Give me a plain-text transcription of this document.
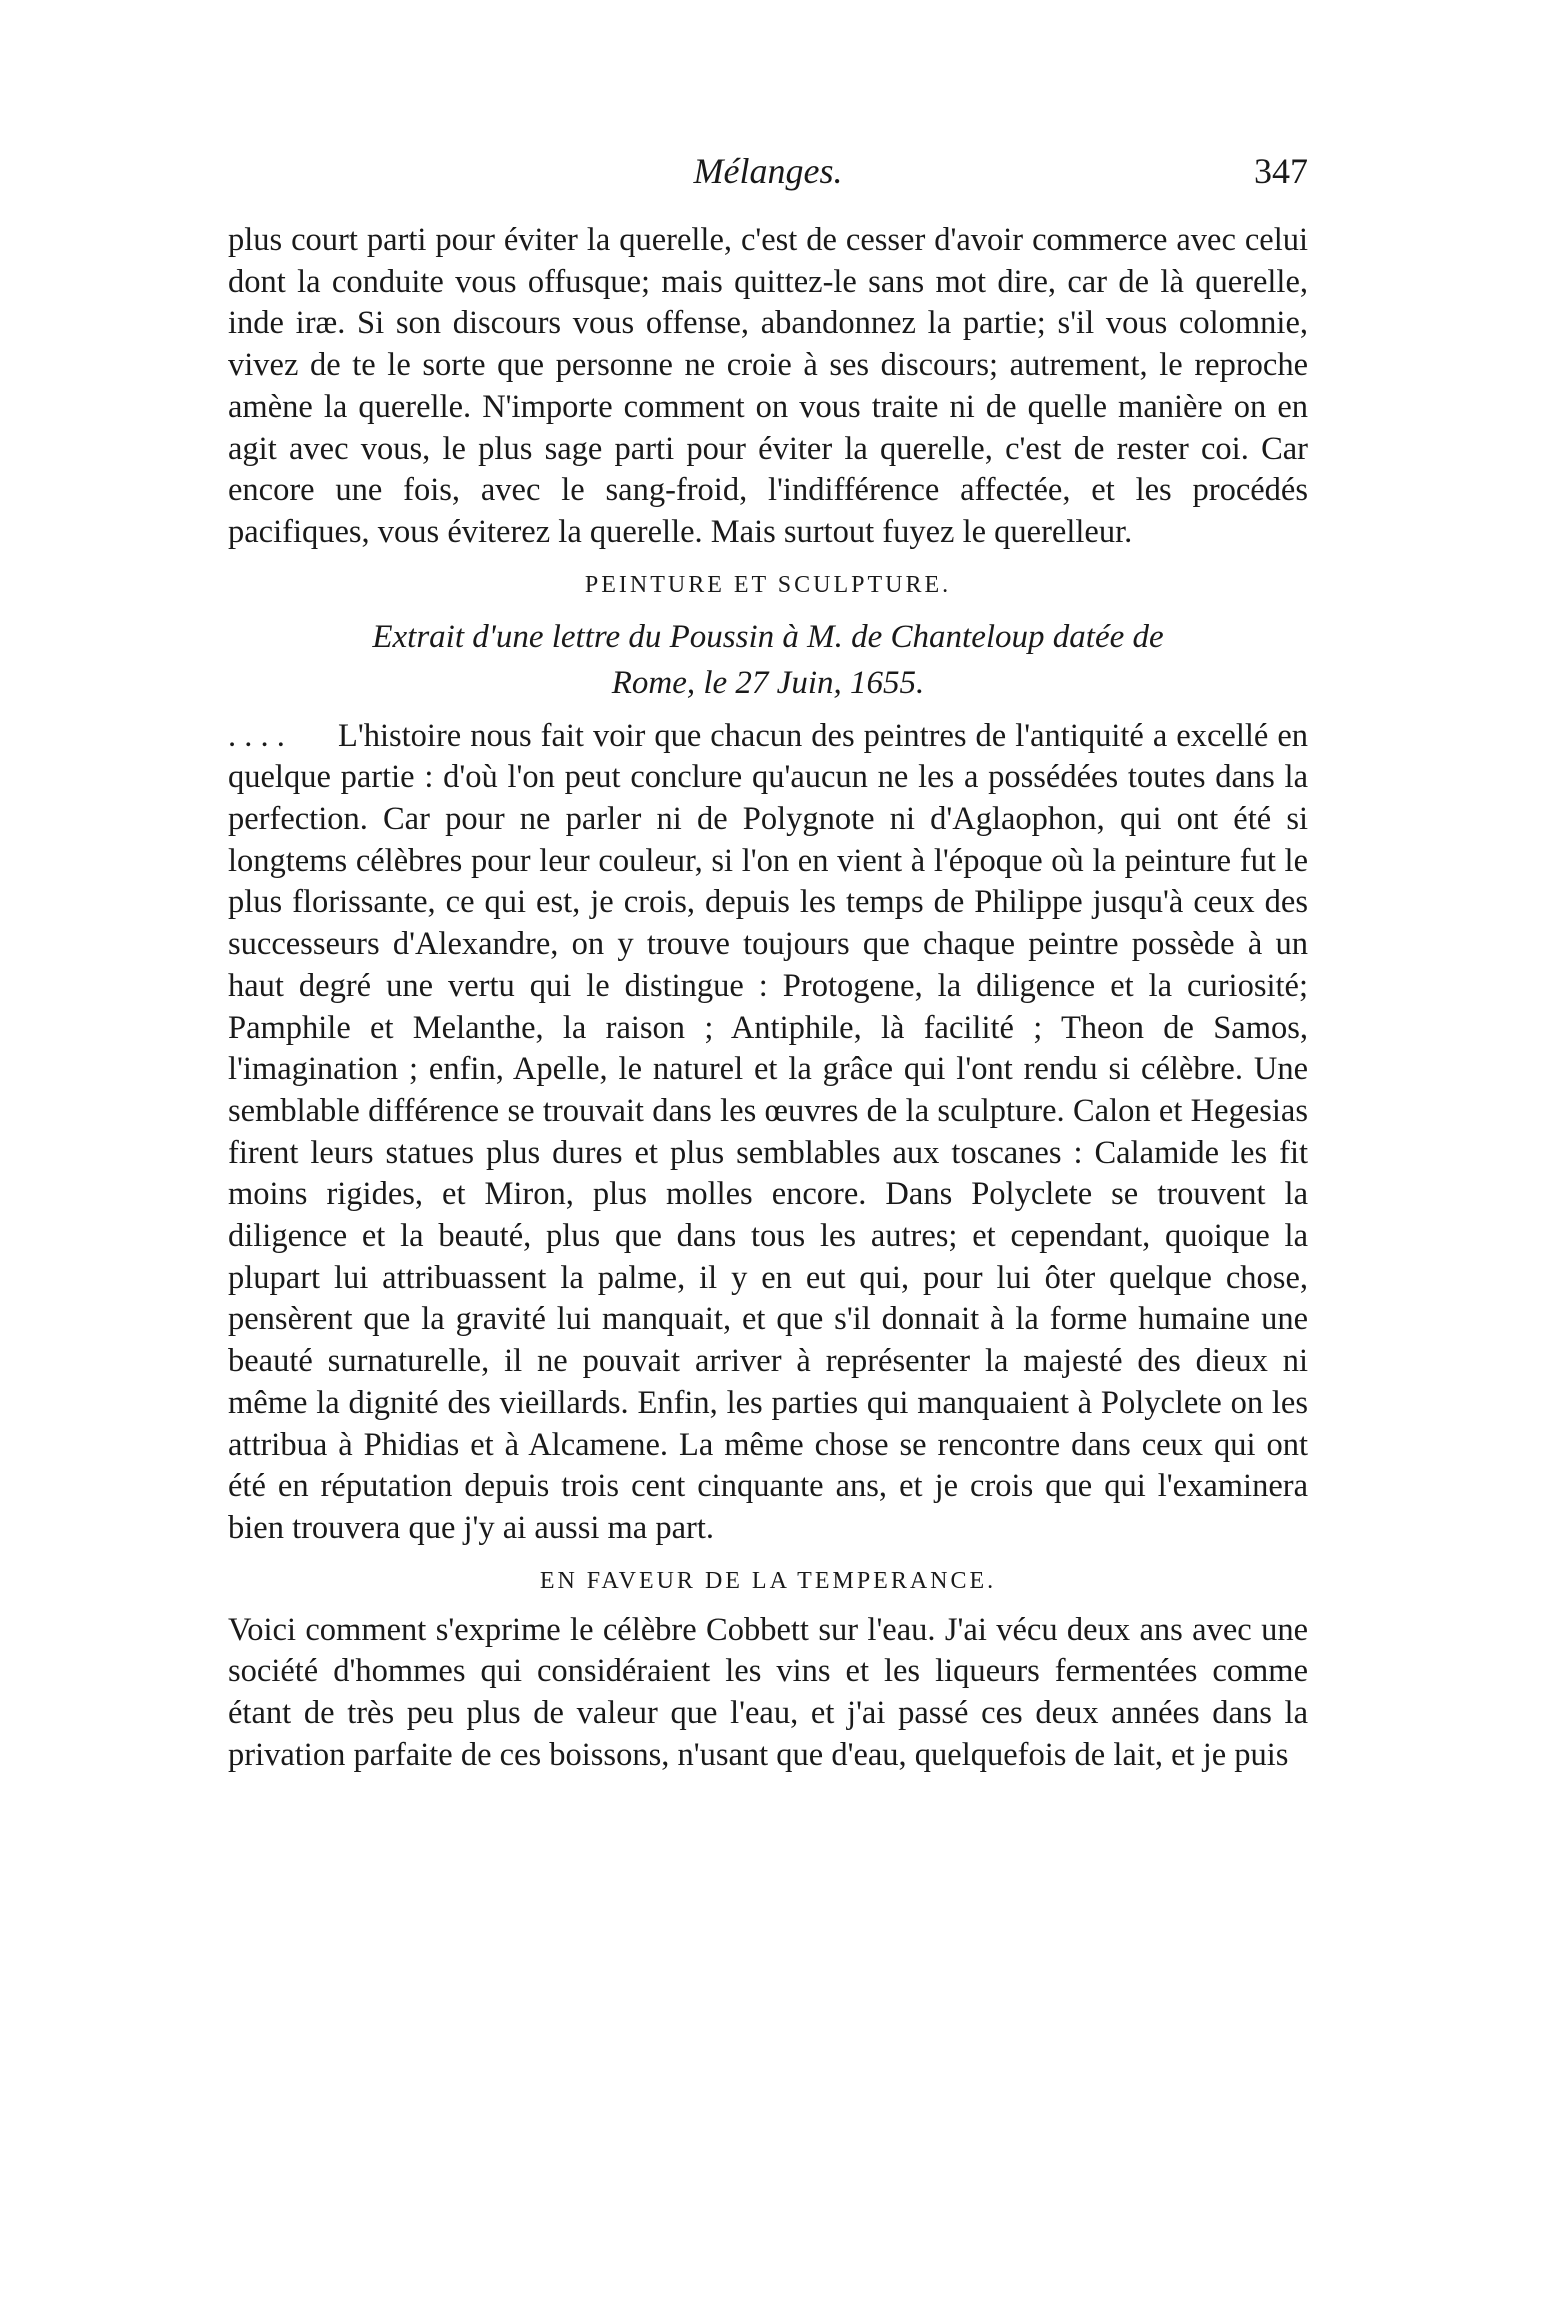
Mélanges.	347

plus court parti pour éviter la querelle, c'est de cesser d'avoir commerce avec celui dont la conduite vous offusque; mais quittez-le sans mot dire, car de là querelle, inde iræ. Si son discours vous offense, abandonnez la partie; s'il vous colomnie, vivez de te le sorte que personne ne croie à ses discours; autrement, le reproche amène la querelle. N'importe comment on vous traite ni de quelle manière on en agit avec vous, le plus sage parti pour éviter la querelle, c'est de rester coi. Car encore une fois, avec le sang-froid, l'indifférence affectée, et les procédés pacifiques, vous éviterez la querelle. Mais surtout fuyez le querelleur.

PEINTURE ET SCULPTURE.
Extrait d'une lettre du Poussin à M. de Chanteloup datée de
Rome, le 27 Juin, 1655.

. . . . L'histoire nous fait voir que chacun des peintres de l'antiquité a excellé en quelque partie : d'où l'on peut conclure qu'aucun ne les a possédées toutes dans la perfection. Car pour ne parler ni de Polygnote ni d'Aglaophon, qui ont été si longtems célèbres pour leur couleur, si l'on en vient à l'époque où la peinture fut le plus florissante, ce qui est, je crois, depuis les temps de Philippe jusqu'à ceux des successeurs d'Alexandre, on y trouve toujours que chaque peintre possède à un haut degré une vertu qui le distingue : Protogene, la diligence et la curiosité; Pamphile et Melanthe, la raison ; Antiphile, là facilité ; Theon de Samos, l'imagination ; enfin, Apelle, le naturel et la grâce qui l'ont rendu si célèbre. Une semblable différence se trouvait dans les œuvres de la sculpture. Calon et Hegesias firent leurs statues plus dures et plus semblables aux toscanes : Calamide les fit moins rigides, et Miron, plus molles encore. Dans Polyclete se trouvent la diligence et la beauté, plus que dans tous les autres; et cependant, quoique la plupart lui attribuassent la palme, il y en eut qui, pour lui ôter quelque chose, pensèrent que la gravité lui manquait, et que s'il donnait à la forme humaine une beauté surnaturelle, il ne pouvait arriver à représenter la majesté des dieux ni même la dignité des vieillards. Enfin, les parties qui manquaient à Polyclete on les attribua à Phidias et à Alcamene. La même chose se rencontre dans ceux qui ont été en réputation depuis trois cent cinquante ans, et je crois que qui l'examinera bien trouvera que j'y ai aussi ma part.

EN FAVEUR DE LA TEMPERANCE.

Voici comment s'exprime le célèbre Cobbett sur l'eau. J'ai vécu deux ans avec une société d'hommes qui considéraient les vins et les liqueurs fermentées comme étant de très peu plus de valeur que l'eau, et j'ai passé ces deux années dans la privation parfaite de ces boissons, n'usant que d'eau, quelquefois de lait, et je puis
